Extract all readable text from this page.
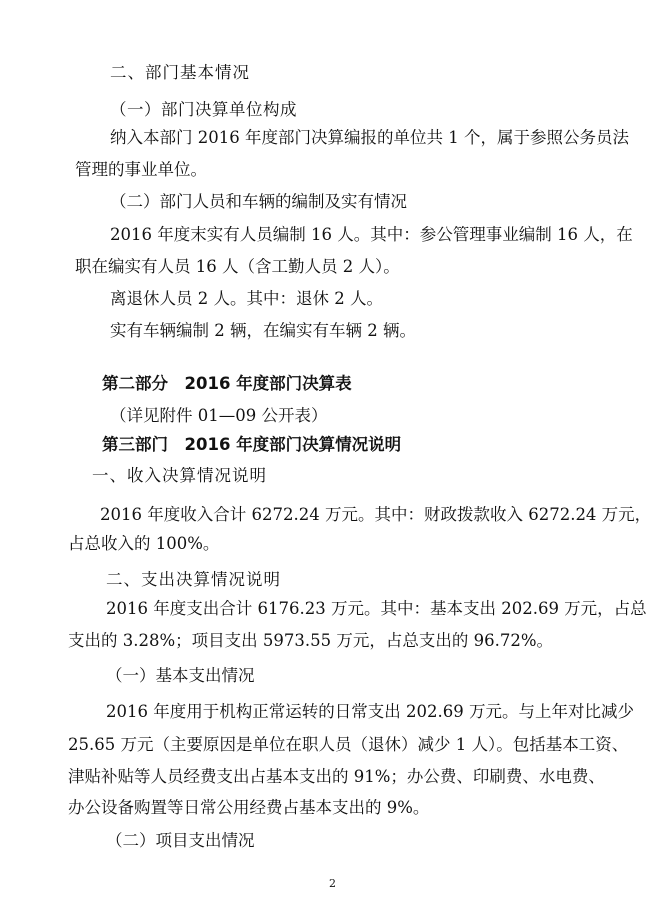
二、部门基本情况
（一）部门决算单位构成
纳入本部门 2016 年度部门决算编报的单位共 1 个，属于参照公务员法
管理的事业单位。
（二）部门人员和车辆的编制及实有情况
2016 年度末实有人员编制 16 人。其中：参公管理事业编制 16 人，在
职在编实有人员 16 人（含工勤人员 2 人）。
离退休人员 2 人。其中：退休 2 人。
实有车辆编制 2 辆，在编实有车辆 2 辆。
第二部分　2016 年度部门决算表
（详见附件 01—09 公开表）
第三部门　2016 年度部门决算情况说明
一、收入决算情况说明
2016 年度收入合计 6272.24 万元。其中：财政拨款收入 6272.24 万元，
占总收入的 100%。
二、支出决算情况说明
2016 年度支出合计 6176.23 万元。其中：基本支出 202.69 万元，占总
支出的 3.28%；项目支出 5973.55 万元，占总支出的 96.72%。
（一）基本支出情况
2016 年度用于机构正常运转的日常支出 202.69 万元。与上年对比减少
25.65 万元（主要原因是单位在职人员（退休）减少 1 人）。包括基本工资、
津贴补贴等人员经费支出占基本支出的 91%；办公费、印刷费、水电费、
办公设备购置等日常公用经费占基本支出的 9%。
（二）项目支出情况
2
